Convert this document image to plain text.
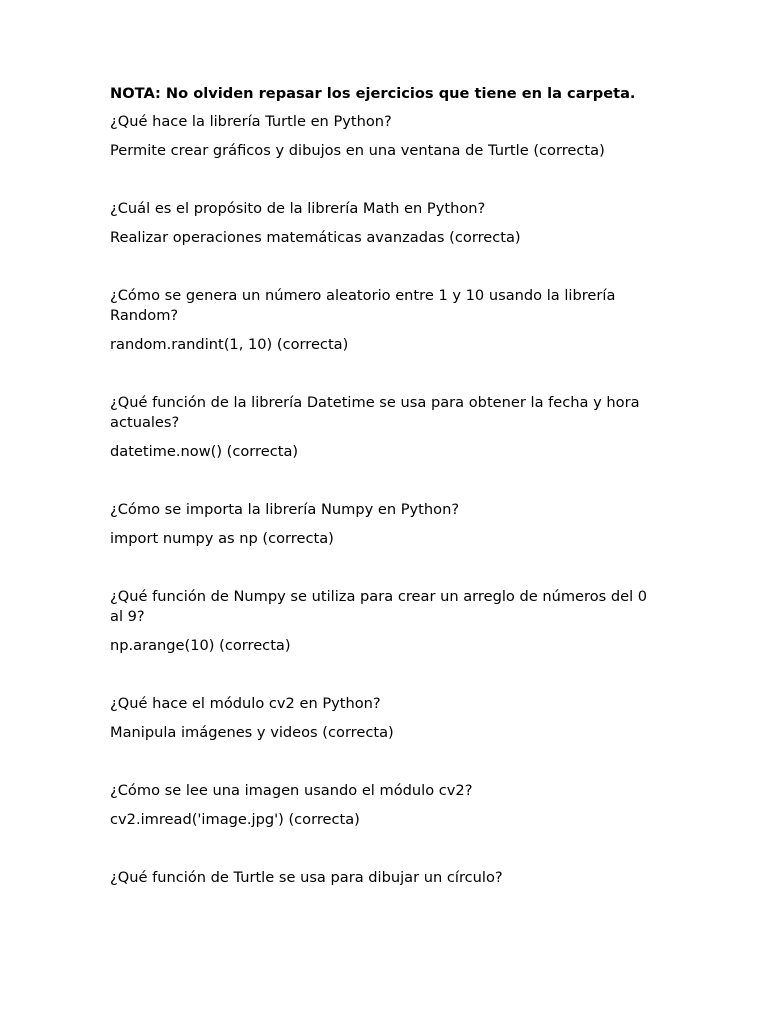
NOTA: No olviden repasar los ejercicios que tiene en la carpeta.

¿Qué hace la librería Turtle en Python?

Permite crear gráficos y dibujos en una ventana de Turtle (correcta)

¿Cuál es el propósito de la librería Math en Python?

Realizar operaciones matemáticas avanzadas (correcta)

¿Cómo se genera un número aleatorio entre 1 y 10 usando la librería Random?

random.randint(1, 10) (correcta)

¿Qué función de la librería Datetime se usa para obtener la fecha y hora actuales?

datetime.now() (correcta)

¿Cómo se importa la librería Numpy en Python?

import numpy as np (correcta)

¿Qué función de Numpy se utiliza para crear un arreglo de números del 0 al 9?

np.arange(10) (correcta)

¿Qué hace el módulo cv2 en Python?

Manipula imágenes y videos (correcta)

¿Cómo se lee una imagen usando el módulo cv2?

cv2.imread('image.jpg') (correcta)

¿Qué función de Turtle se usa para dibujar un círculo?
